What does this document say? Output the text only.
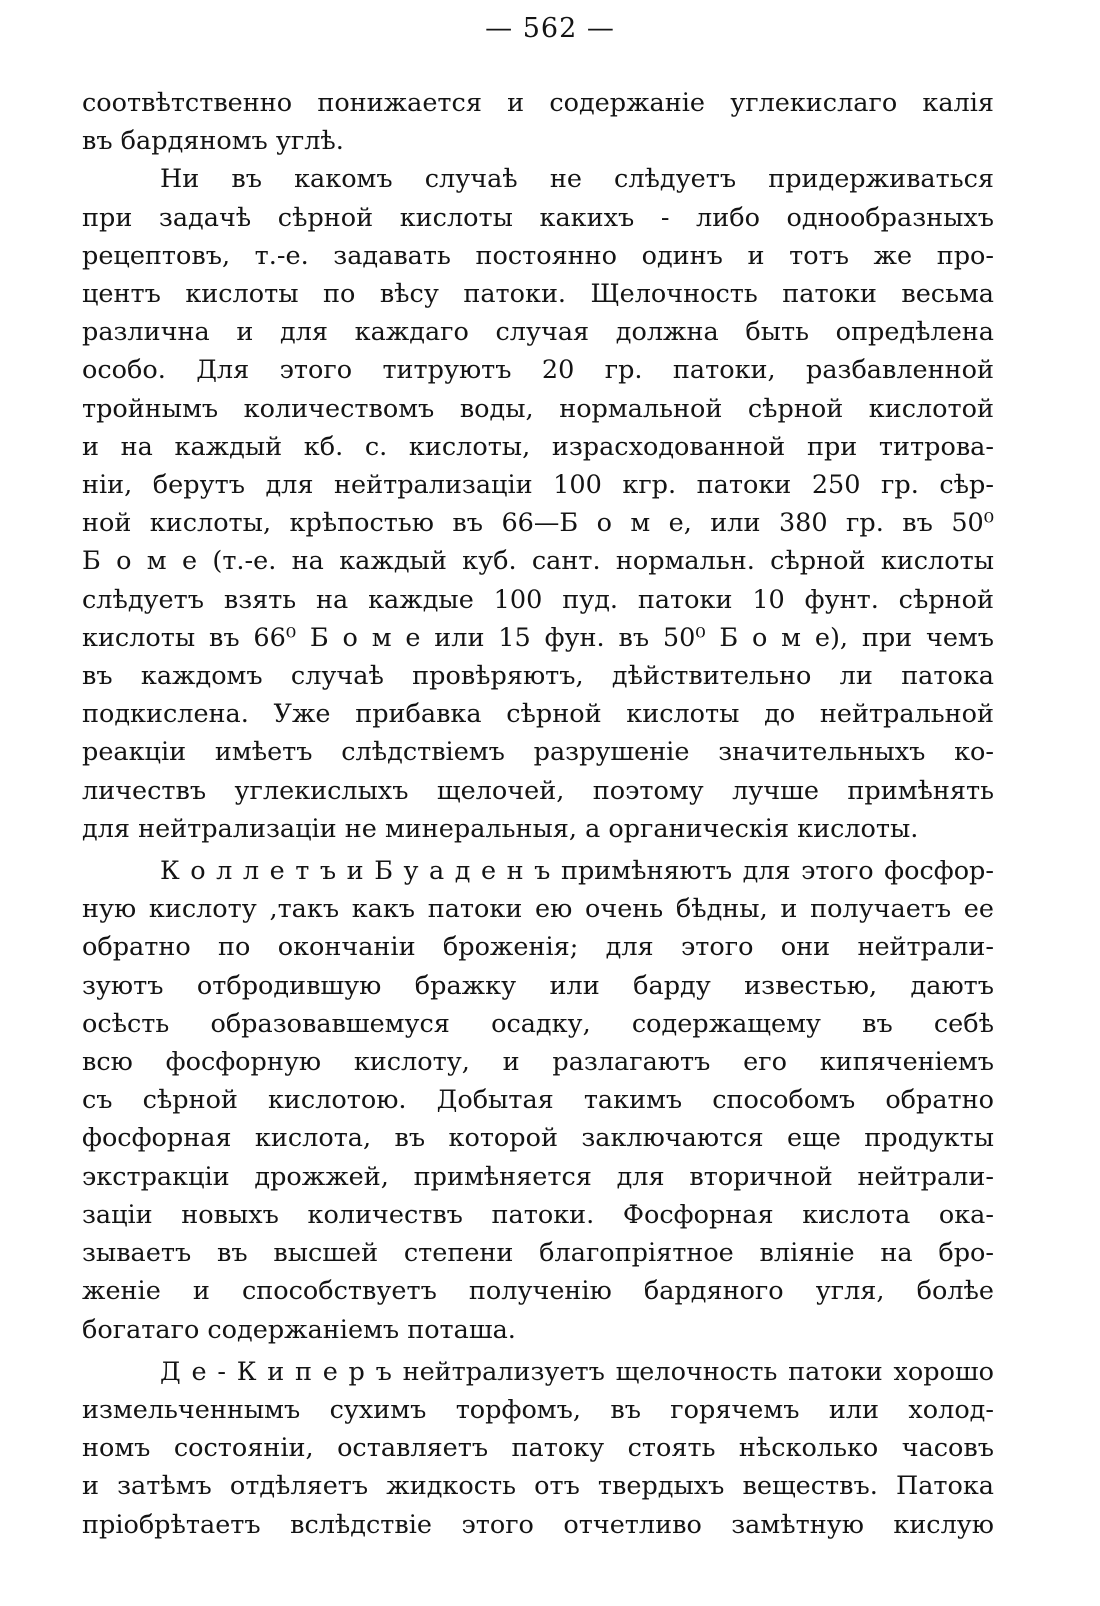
— 562 —
соотвѣтственно понижается и содержаніе углекислаго калія
въ бардяномъ углѣ.
Ни въ какомъ случаѣ не слѣдуетъ придерживаться
при задачѣ сѣрной кислоты какихъ - либо однообразныхъ
рецептовъ, т.-е. задавать постоянно одинъ и тотъ же про-
центъ кислоты по вѣсу патоки. Щелочность патоки весьма
различна и для каждаго случая должна быть опредѣлена
особо. Для этого титруютъ 20 гр. патоки, разбавленной
тройнымъ количествомъ воды, нормальной сѣрной кислотой
и на каждый кб. с. кислоты, израсходованной при титрова-
ніи, берутъ для нейтрализаціи 100 кгр. патоки 250 гр. сѣр-
ной кислоты, крѣпостью въ 66—Б о м е, или 380 гр. въ 50⁰
Б о м е (т.-е. на каждый куб. сант. нормальн. сѣрной кислоты
слѣдуетъ взять на каждые 100 пуд. патоки 10 фунт. сѣрной
кислоты въ 66⁰ Б о м е или 15 фун. въ 50⁰ Б о м е), при чемъ
въ каждомъ случаѣ провѣряютъ, дѣйствительно ли патока
подкислена. Уже прибавка сѣрной кислоты до нейтральной
реакціи имѣетъ слѣдствіемъ разрушеніе значительныхъ ко-
личествъ углекислыхъ щелочей, поэтому лучше примѣнять
для нейтрализаціи не минеральныя, а органическія кислоты.
К о л л е т ъ и Б у а д е н ъ примѣняютъ для этого фосфор-
ную кислоту ,такъ какъ патоки ею очень бѣдны, и получаетъ ее
обратно по окончаніи броженія; для этого они нейтрали-
зуютъ отбродившую бражку или барду известью, даютъ
осѣсть образовавшемуся осадку, содержащему въ себѣ
всю фосфорную кислоту, и разлагаютъ его кипяченіемъ
съ сѣрной кислотою. Добытая такимъ способомъ обратно
фосфорная кислота, въ которой заключаются еще продукты
экстракціи дрожжей, примѣняется для вторичной нейтрали-
заціи новыхъ количествъ патоки. Фосфорная кислота ока-
зываетъ въ высшей степени благопріятное вліяніе на бро-
женіе и способствуетъ полученію бардяного угля, болѣе
богатаго содержаніемъ поташа.
Д е - К и п е р ъ нейтрализуетъ щелочность патоки хорошо
измельченнымъ сухимъ торфомъ, въ горячемъ или холод-
номъ состояніи, оставляетъ патоку стоять нѣсколько часовъ
и затѣмъ отдѣляетъ жидкость отъ твердыхъ веществъ. Патока
пріобрѣтаетъ вслѣдствіе этого отчетливо замѣтную кислую
